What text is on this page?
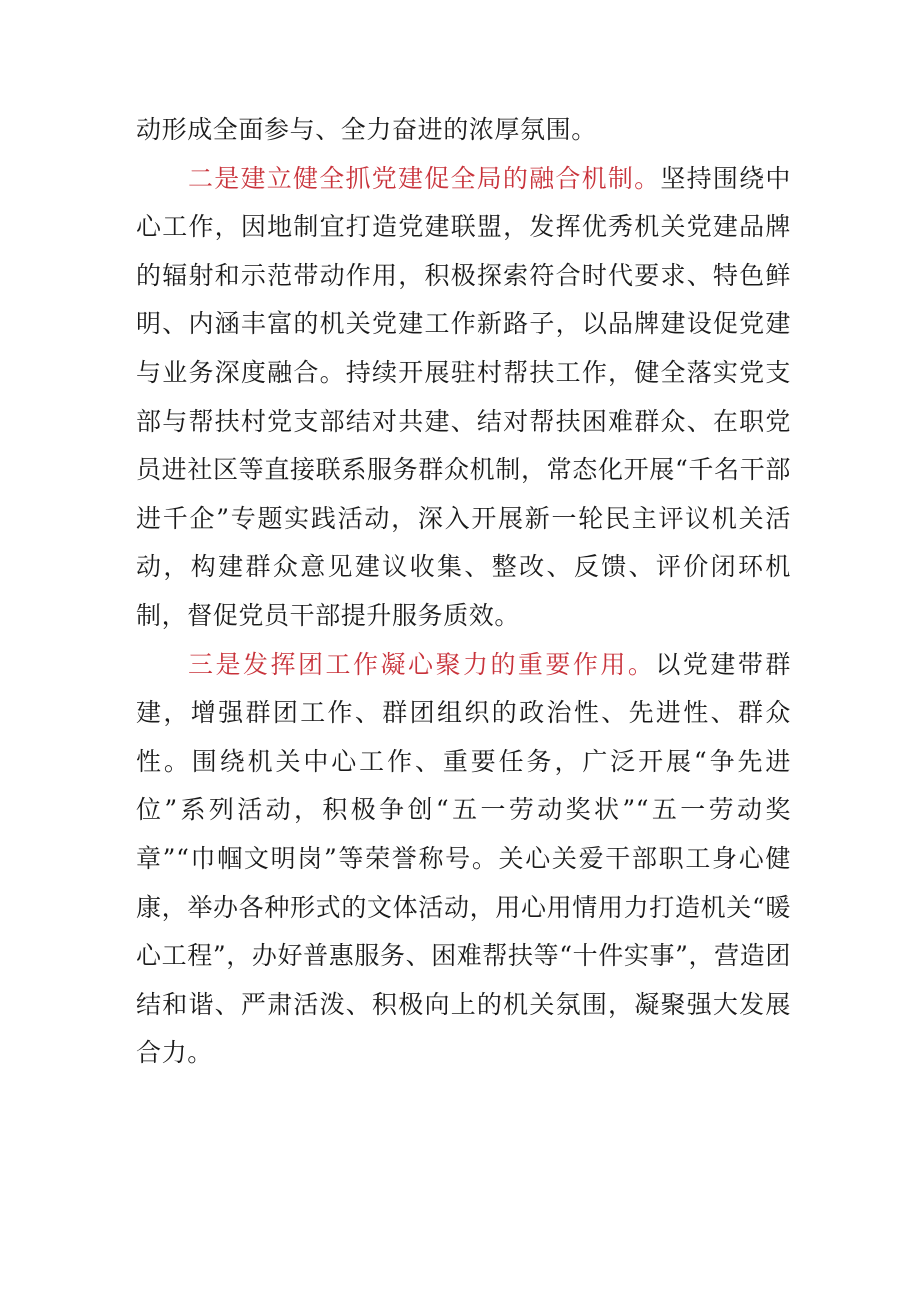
动形成全面参与、全力奋进的浓厚氛围。

二是建立健全抓党建促全局的融合机制。坚持围绕中心工作，因地制宜打造党建联盟，发挥优秀机关党建品牌的辐射和示范带动作用，积极探索符合时代要求、特色鲜明、内涵丰富的机关党建工作新路子，以品牌建设促党建与业务深度融合。持续开展驻村帮扶工作，健全落实党支部与帮扶村党支部结对共建、结对帮扶困难群众、在职党员进社区等直接联系服务群众机制，常态化开展“千名干部进千企”专题实践活动，深入开展新一轮民主评议机关活动，构建群众意见建议收集、整改、反馈、评价闭环机制，督促党员干部提升服务质效。

三是发挥团工作凝心聚力的重要作用。以党建带群建，增强群团工作、群团组织的政治性、先进性、群众性。围绕机关中心工作、重要任务，广泛开展“争先进位”系列活动，积极争创“五一劳动奖状”“五一劳动奖章”“巾帼文明岗”等荣誉称号。关心关爱干部职工身心健康，举办各种形式的文体活动，用心用情用力打造机关“暖心工程”，办好普惠服务、困难帮扶等“十件实事”，营造团结和谐、严肃活泼、积极向上的机关氛围，凝聚强大发展合力。
